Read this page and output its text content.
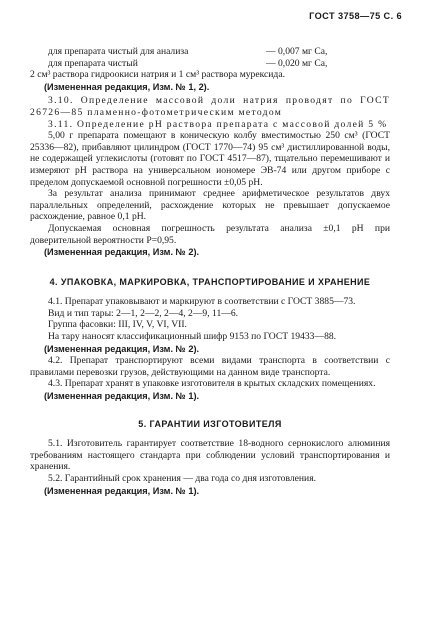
ГОСТ 3758—75 С. 6
для препарата чистый для анализа	— 0,007 мг Ca,
для препарата чистый	— 0,020 мг Ca,

2 см³ раствора гидроокиси натрия и 1 см³ раствора мурексида.

(Измененная редакция, Изм. № 1, 2).

3.10. Определение массовой доли натрия проводят по ГОСТ 26726—85 пламенно-фотометрическим методом

3.11. Определение pH раствора препарата с массовой долей 5 %

5,00 г препарата помещают в коническую колбу вместимостью 250 см³ (ГОСТ 25336—82), прибавляют цилиндром (ГОСТ 1770—74) 95 см³ дистиллированной воды, не содержащей углекислоты (готовят по ГОСТ 4517—87), тщательно перемешивают и измеряют pH раствора на универсальном иономере ЭВ-74 или другом приборе с пределом допускаемой основной погрешности ±0,05 pH.

За результат анализа принимают среднее арифметическое результатов двух параллельных определений, расхождение которых не превышает допускаемое расхождение, равное 0,1 pH.

Допускаемая основная погрешность результата анализа ±0,1 pH при доверительной вероятности P=0,95.

(Измененная редакция, Изм. № 2).

4. УПАКОВКА, МАРКИРОВКА, ТРАНСПОРТИРОВАНИЕ И ХРАНЕНИЕ

4.1. Препарат упаковывают и маркируют в соответствии с ГОСТ 3885—73.

Вид и тип тары: 2—1, 2—2, 2—4, 2—9, 11—6.

Группа фасовки: III, IV, V, VI, VII.

На тару наносят классификационный шифр 9153 по ГОСТ 19433—88.

(Измененная редакция, Изм. № 2).

4.2. Препарат транспортируют всеми видами транспорта в соответствии с правилами перевозки грузов, действующими на данном виде транспорта.

4.3. Препарат хранят в упаковке изготовителя в крытых складских помещениях.

(Измененная редакция, Изм. № 1).

5. ГАРАНТИИ ИЗГОТОВИТЕЛЯ

5.1. Изготовитель гарантирует соответствие 18-водного сернокислого алюминия требованиям настоящего стандарта при соблюдении условий транспортирования и хранения.

5.2. Гарантийный срок хранения — два года со дня изготовления.

(Измененная редакция, Изм. № 1).
